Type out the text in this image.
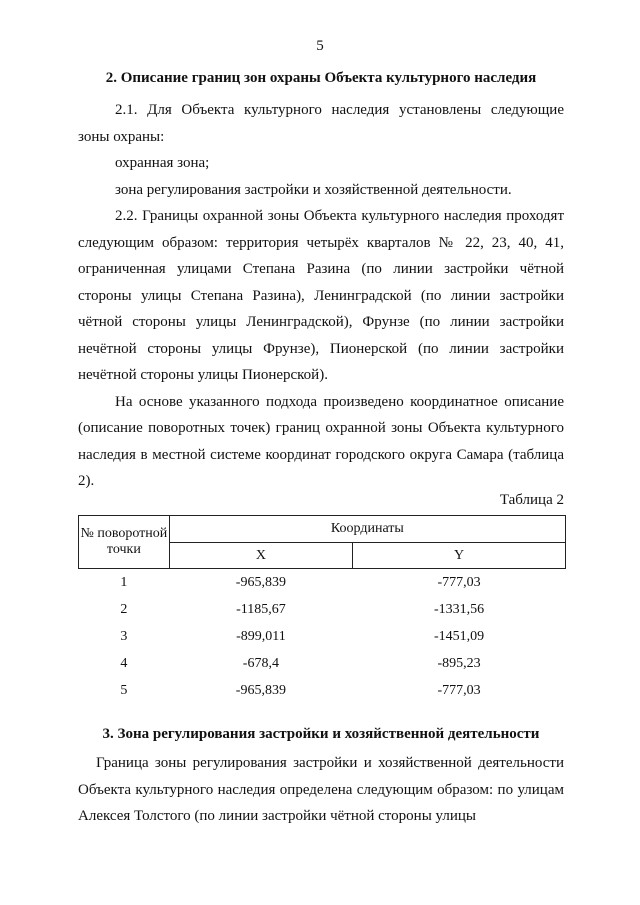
5
2. Описание границ зон охраны Объекта культурного наследия
2.1. Для Объекта культурного наследия установлены следующие
зоны охраны:
охранная зона;
зона регулирования застройки и хозяйственной деятельности.
2.2. Границы охранной зоны Объекта культурного наследия проходят следующим образом: территория четырёх кварталов № 22, 23, 40, 41, ограниченная улицами Степана Разина (по линии застройки чётной стороны улицы Степана Разина), Ленинградской (по линии застройки чётной стороны улицы Ленинградской), Фрунзе (по линии застройки нечётной стороны улицы Фрунзе), Пионерской (по линии застройки нечётной стороны улицы Пионерской).
На основе указанного подхода произведено координатное описание (описание поворотных точек) границ охранной зоны Объекта культурного наследия в местной системе координат городского округа Самара (таблица 2).
Таблица 2
№ поворотной точки	Координаты	
	X	Y
1	-965,839	-777,03
2	-1185,67	-1331,56
3	-899,011	-1451,09
4	-678,4	-895,23
5	-965,839	-777,03
3. Зона регулирования застройки и хозяйственной деятельности
Граница зоны регулирования застройки и хозяйственной деятельности Объекта культурного наследия определена следующим образом: по улицам Алексея Толстого (по линии застройки чётной стороны улицы
